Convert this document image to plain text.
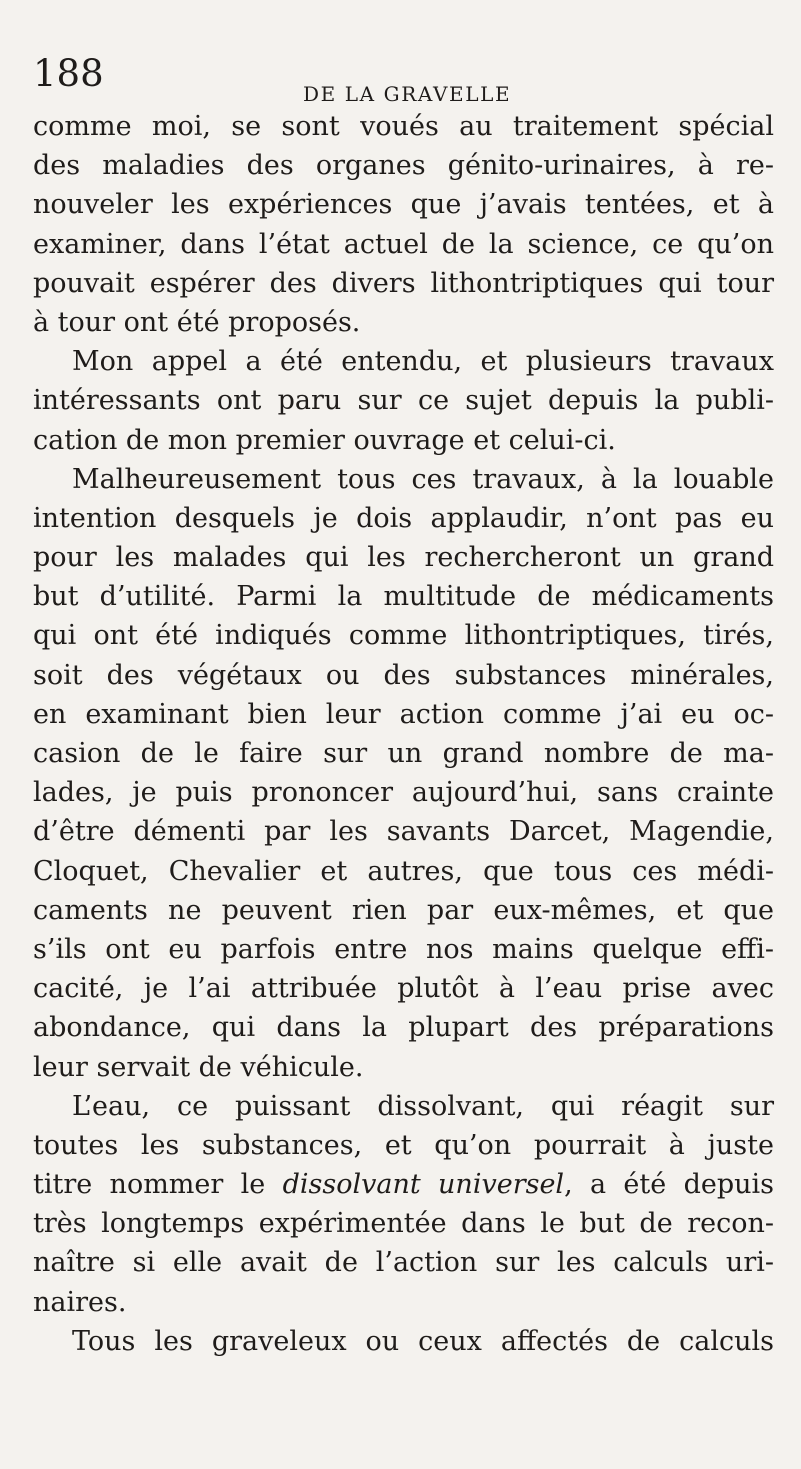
188	DE LA GRAVELLE
comme moi, se sont voués au traitement spécial
des maladies des organes génito-urinaires, à re-
nouveler les expériences que j’avais tentées, et à
examiner, dans l’état actuel de la science, ce qu’on
pouvait espérer des divers lithontriptiques qui tour
à tour ont été proposés.
Mon appel a été entendu, et plusieurs travaux
intéressants ont paru sur ce sujet depuis la publi-
cation de mon premier ouvrage et celui-ci.
Malheureusement tous ces travaux, à la louable
intention desquels je dois applaudir, n’ont pas eu
pour les malades qui les rechercheront un grand
but d’utilité. Parmi la multitude de médicaments
qui ont été indiqués comme lithontriptiques, tirés,
soit des végétaux ou des substances minérales,
en examinant bien leur action comme j’ai eu oc-
casion de le faire sur un grand nombre de ma-
lades, je puis prononcer aujourd’hui, sans crainte
d’être démenti par les savants Darcet, Magendie,
Cloquet, Chevalier et autres, que tous ces médi-
caments ne peuvent rien par eux-mêmes, et que
s’ils ont eu parfois entre nos mains quelque effi-
cacité, je l’ai attribuée plutôt à l’eau prise avec
abondance, qui dans la plupart des préparations
leur servait de véhicule.
L’eau, ce puissant dissolvant, qui réagit sur
toutes les substances, et qu’on pourrait à juste
titre nommer le dissolvant universel, a été depuis
très longtemps expérimentée dans le but de recon-
naître si elle avait de l’action sur les calculs uri-
naires.
Tous les graveleux ou ceux affectés de calculs
